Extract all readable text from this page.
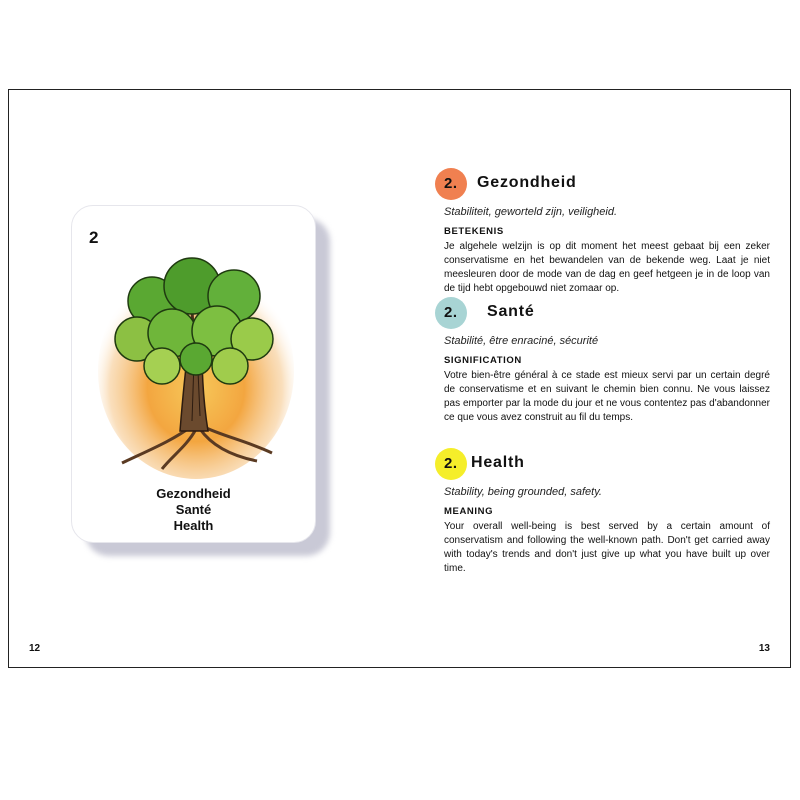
12	13
2
Gezondheid
Santé
Health
2. Gezondheid
Stabiliteit, geworteld zijn, veiligheid.
BETEKENIS
Je algehele welzijn is op dit moment het meest gebaat bij een zeker conservatisme en het bewandelen van de bekende weg. Laat je niet meesleuren door de mode van de dag en geef hetgeen je in de loop van de tijd hebt opgebouwd niet zomaar op.
2. Santé
Stabilité, être enraciné, sécurité
SIGNIFICATION
Votre bien-être général à ce stade est mieux servi par un certain degré de conservatisme et en suivant le chemin bien connu. Ne vous laissez pas emporter par la mode du jour et ne vous contentez pas d'abandonner ce que vous avez construit au fil du temps.
2. Health
Stability, being grounded, safety.
MEANING
Your overall well-being is best served by a certain amount of conservatism and following the well-known path. Don't get carried away with today's trends and don't just give up what you have built up over time.
